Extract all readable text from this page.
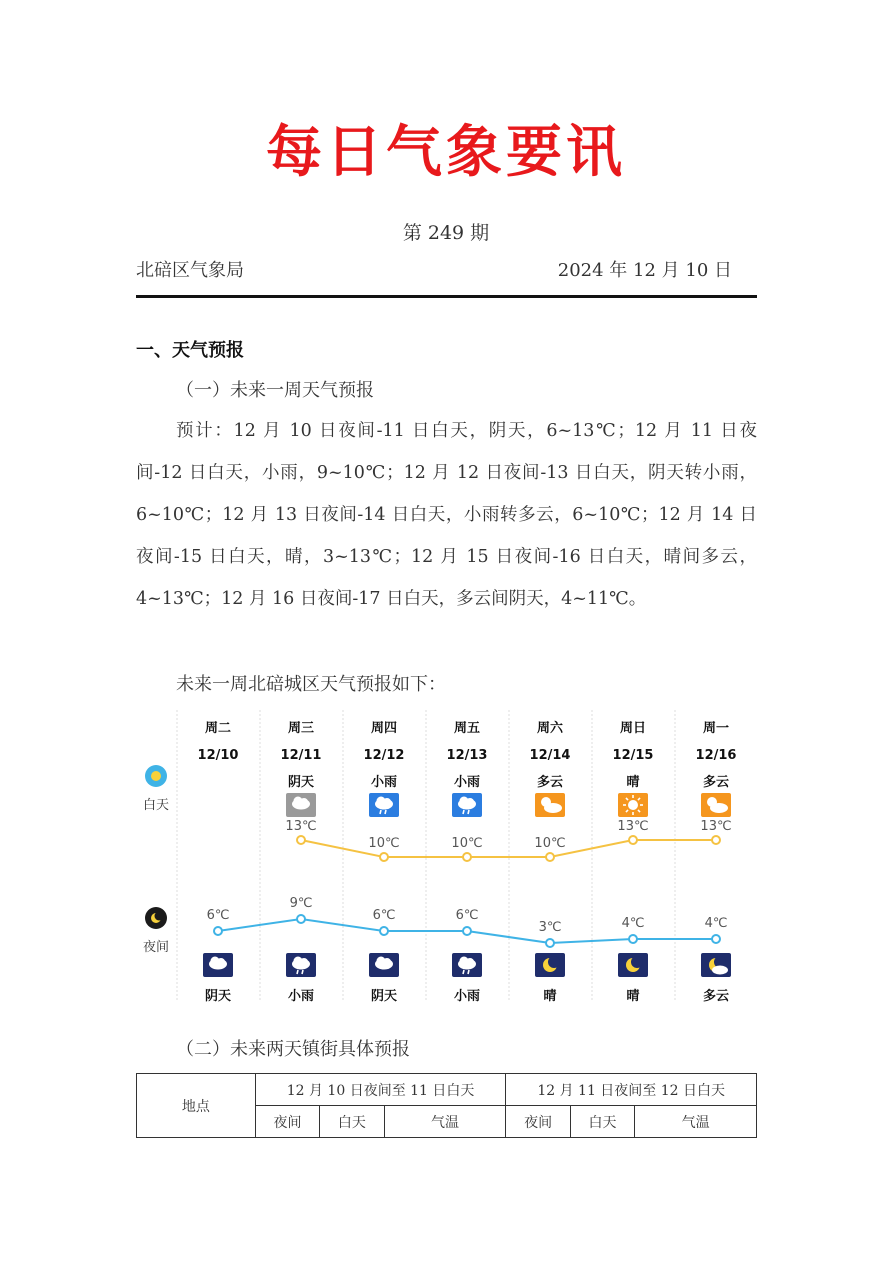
每日气象要讯
第 249 期
北碚区气象局	2024 年 12 月 10 日
一、天气预报
（一）未来一周天气预报

预计：12 月 10 日夜间-11 日白天，阴天，6~13℃；12 月 11 日夜间-12 日白天，小雨，9~10℃；12 月 12 日夜间-13 日白天，阴天转小雨，6~10℃；12 月 13 日夜间-14 日白天，小雨转多云，6~10℃；12 月 14 日夜间-15 日白天，晴，3~13℃；12 月 15 日夜间-16 日白天，晴间多云，4~13℃；12 月 16 日夜间-17 日白天，多云间阴天，4~11℃。

未来一周北碚城区天气预报如下：
白天
夜间
周二
12/10
6℃
阴天
周三
12/11
阴天
13℃
9℃
小雨
周四
12/12
小雨
10℃
6℃
阴天
周五
12/13
小雨
10℃
6℃
小雨
周六
12/14
多云
10℃
3℃
晴
周日
12/15
晴
13℃
4℃
晴
周一
12/16
多云
13℃
4℃
多云
（二）未来两天镇街具体预报
地点	12 月 10 日夜间至 11 日白天			12 月 11 日夜间至 12 日白天		
	夜间	白天	气温	夜间	白天	气温
